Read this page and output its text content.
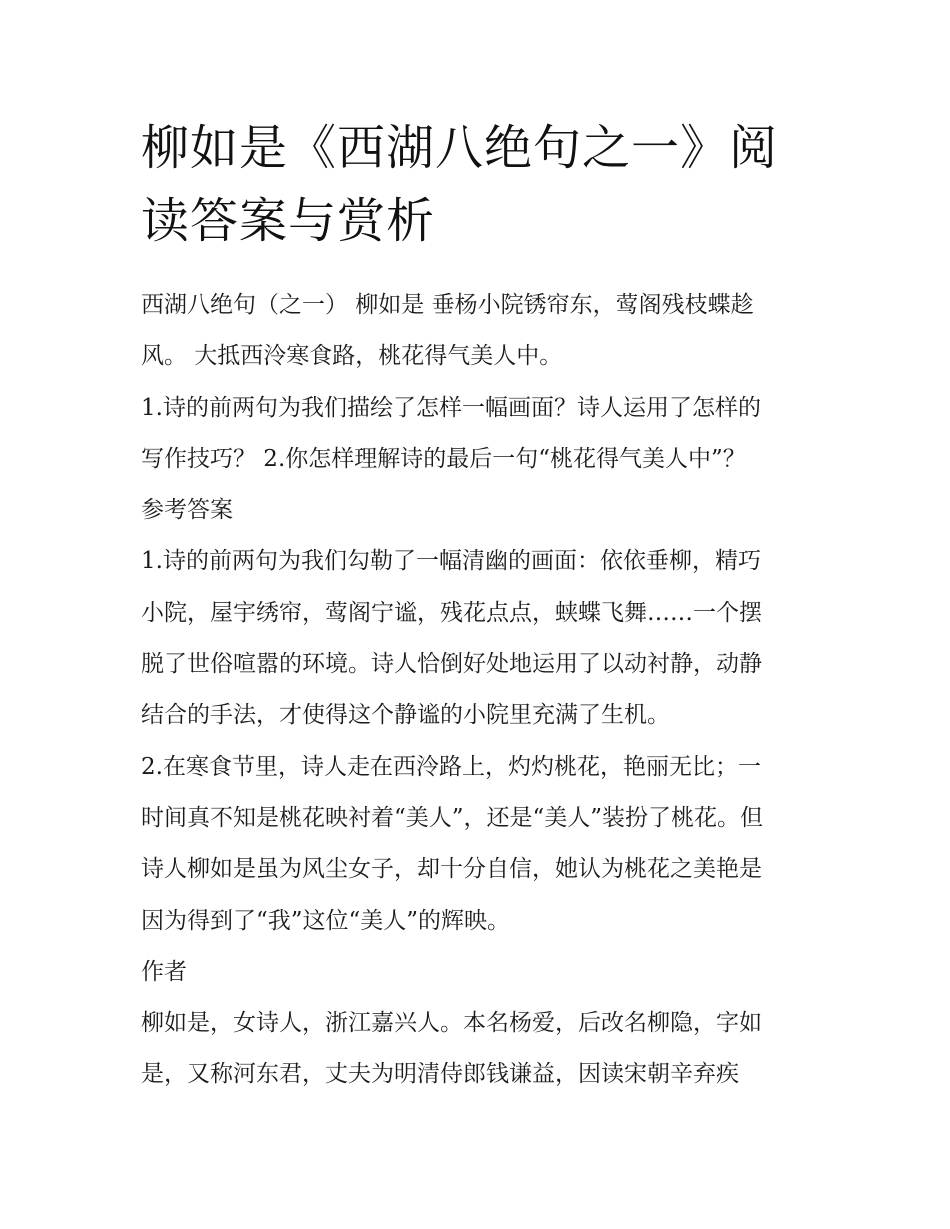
柳如是《西湖八绝句之一》阅
读答案与赏析
西湖八绝句（之一） 柳如是 垂杨小院锈帘东，莺阁残枝蝶趁
风。 大抵西泠寒食路，桃花得气美人中。
1.诗的前两句为我们描绘了怎样一幅画面？诗人运用了怎样的
写作技巧？ 2.你怎样理解诗的最后一句“桃花得气美人中”？
参考答案
1.诗的前两句为我们勾勒了一幅清幽的画面：依依垂柳，精巧
小院，屋宇绣帘，莺阁宁谧，残花点点，蛱蝶飞舞……一个摆
脱了世俗喧嚣的环境。诗人恰倒好处地运用了以动衬静，动静
结合的手法，才使得这个静谧的小院里充满了生机。
2.在寒食节里，诗人走在西泠路上，灼灼桃花，艳丽无比；一
时间真不知是桃花映衬着“美人”，还是“美人”装扮了桃花。但
诗人柳如是虽为风尘女子，却十分自信，她认为桃花之美艳是
因为得到了“我”这位“美人”的辉映。
作者
柳如是，女诗人，浙江嘉兴人。本名杨爱，后改名柳隐，字如
是，又称河东君，丈夫为明清侍郎钱谦益，因读宋朝辛弃疾
